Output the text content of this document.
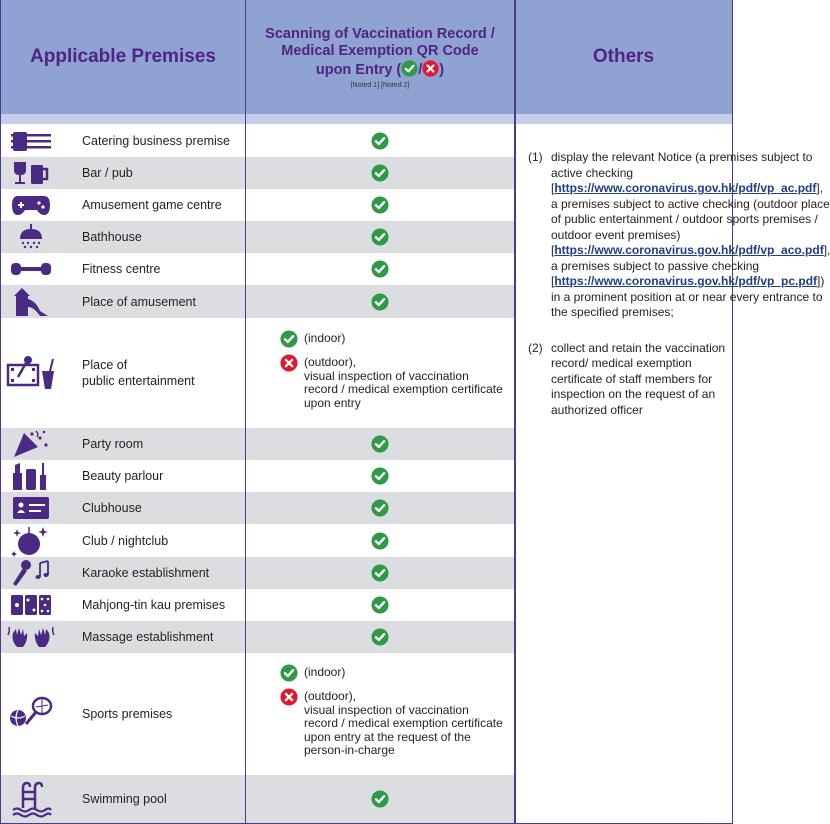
Applicable Premises
Scanning of Vaccination Record /
Medical Exemption QR Code
upon Entry ( / )
[Noted 1] [Noted 2]
Others
Catering business premise
Bar / pub
Amusement game centre
Bathhouse
Fitness centre
Place of amusement
Place of
public entertainment
(indoor)
(outdoor),
visual inspection of vaccination record / medical exemption certificate upon entry
Party room
Beauty parlour
Clubhouse
Club / nightclub
Karaoke establishment
Mahjong-tin kau premises
Massage establishment
Sports premises
(indoor)
(outdoor),
visual inspection of vaccination record / medical exemption certificate upon entry at the request of the person-in-charge
Swimming pool
(1) display the relevant Notice (a premises subject to active checking [https://www.coronavirus.gov.hk/pdf/vp_ac.pdf], a premises subject to active checking (outdoor place of public entertainment / outdoor sports premises / outdoor event premises) [https://www.coronavirus.gov.hk/pdf/vp_aco.pdf], a premises subject to passive checking [https://www.coronavirus.gov.hk/pdf/vp_pc.pdf]) in a prominent position at or near every entrance to the specified premises;
(2) collect and retain the vaccination record/ medical exemption certificate of staff members for inspection on the request of an authorized officer
